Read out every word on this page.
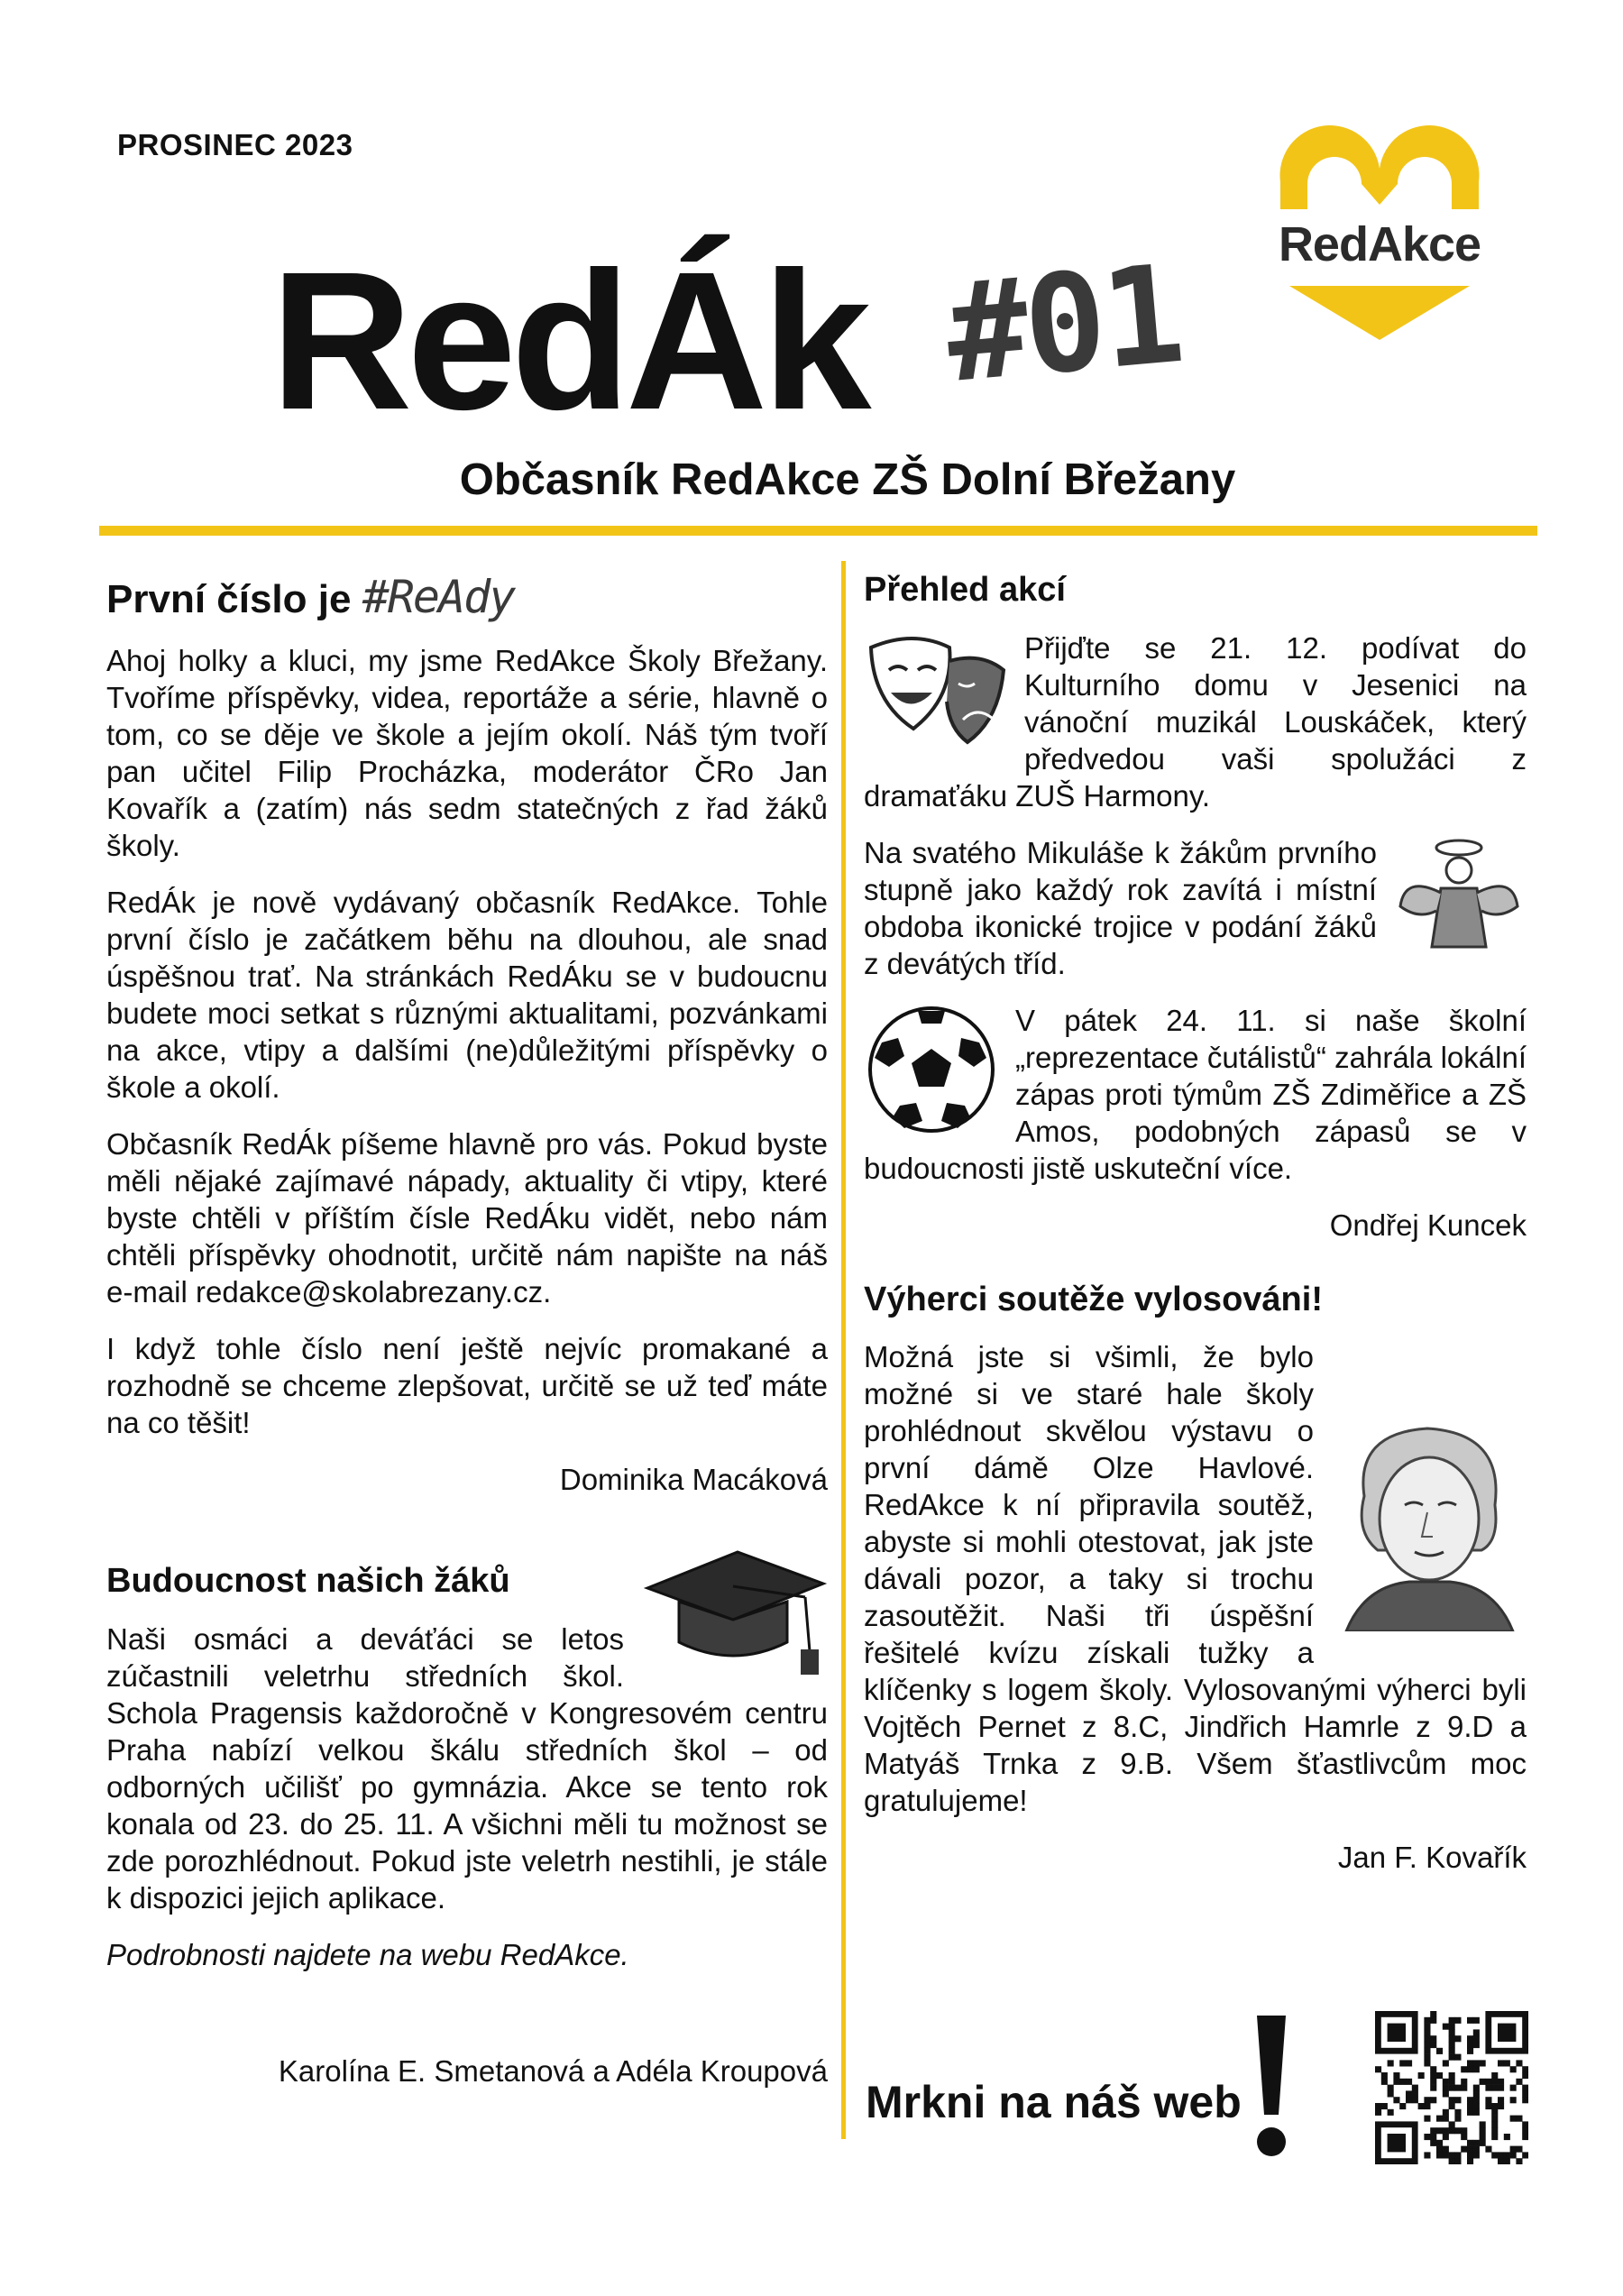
PROSINEC 2023
RedAkce
RedÁk #01
Občasník RedAkce ZŠ Dolní Břežany
První číslo je #ReAdy

Ahoj holky a kluci, my jsme RedAkce Školy Břežany. Tvoříme příspěvky, videa, reportáže a série, hlavně o tom, co se děje ve škole a jejím okolí. Náš tým tvoří pan učitel Filip Procházka, moderátor ČRo Jan Kovařík a (zatím) nás sedm statečných z řad žáků školy.

RedÁk je nově vydávaný občasník RedAkce. Tohle první číslo je začátkem běhu na dlouhou, ale snad úspěšnou trať. Na stránkách RedÁku se v budoucnu budete moci setkat s různými aktualitami, pozvánkami na akce, vtipy a dalšími (ne)důležitými příspěvky o škole a okolí.

Občasník RedÁk píšeme hlavně pro vás. Pokud byste měli nějaké zajímavé nápady, aktuality či vtipy, které byste chtěli v příštím čísle RedÁku vidět, nebo nám chtěli příspěvky ohodnotit, určitě nám napište na náš e-mail redakce@skolabrezany.cz.

I když tohle číslo není ještě nejvíc promakané a rozhodně se chceme zlepšovat, určitě se už teď máte na co těšit!

Dominika Macáková
Budoucnost našich žáků

Naši osmáci a deváťáci se letos zúčastnili veletrhu středních škol. Schola Pragensis každoročně v Kongresovém centru Praha nabízí velkou škálu středních škol – od odborných učilišť po gymnázia. Akce se tento rok konala od 23. do 25. 11. A všichni měli tu možnost se zde porozhlédnout. Pokud jste veletrh nestihli, je stále k dispozici jejich aplikace.

Podrobnosti najdete na webu RedAkce.

Karolína E. Smetanová a Adéla Kroupová
Přehled akcí

Přijďte se 21. 12. podívat do Kulturního domu v Jesenici na vánoční muzikál Louskáček, který předvedou vaši spolužáci z dramaťáku ZUŠ Harmony.

Na svatého Mikuláše k žákům prvního stupně jako každý rok zavítá i místní obdoba ikonické trojice v podání žáků z devátých tříd.

V pátek 24. 11. si naše školní „reprezentace čutálistů“ zahrála lokální zápas proti týmům ZŠ Zdiměřice a ZŠ Amos, podobných zápasů se v budoucnosti jistě uskuteční více.

Ondřej Kuncek
Výherci soutěže vylosováni!

Možná jste si všimli, že bylo možné si ve staré hale školy prohlédnout skvělou výstavu o první dámě Olze Havlové. RedAkce k ní připravila soutěž, abyste si mohli otestovat, jak jste dávali pozor, a taky si trochu zasoutěžit. Naši tři úspěšní řešitelé kvízu získali tužky a klíčenky s logem školy. Vylosovanými výherci byli Vojtěch Pernet z 8.C, Jindřich Hamrle z 9.D a Matyáš Trnka z 9.B. Všem šťastlivcům moc gratulujeme!

Jan F. Kovařík
Mrkni na náš web
